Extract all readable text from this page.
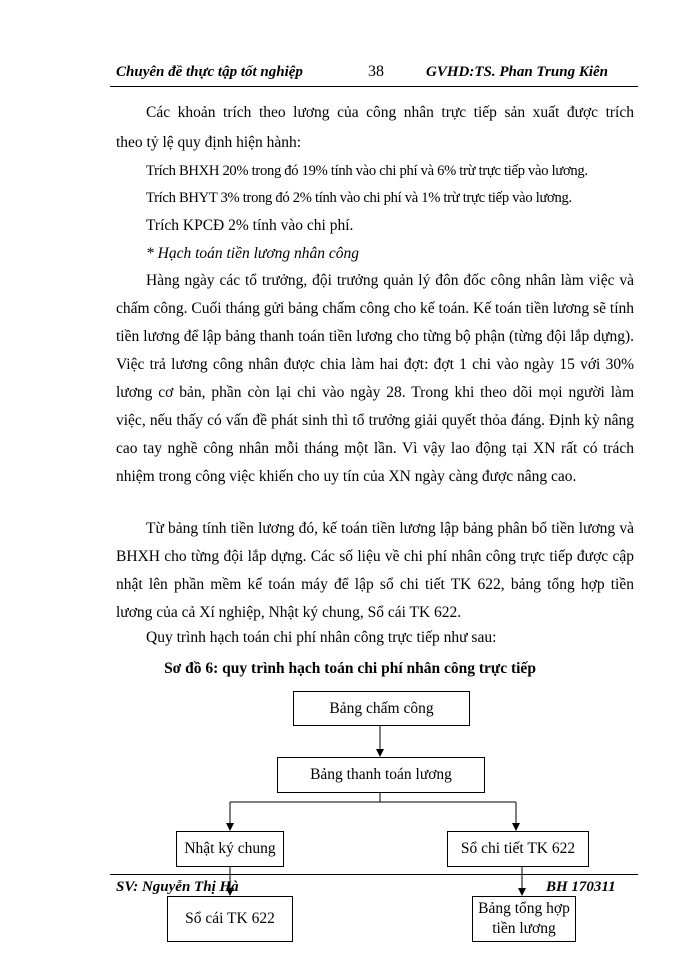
Chuyên đề thực tập tốt nghiệp	38	GVHD:TS. Phan Trung Kiên
Các khoản trích theo lương của công nhân trực tiếp sản xuất được trích
theo tỷ lệ quy định hiện hành:
Trích BHXH 20% trong đó 19% tính vào chi phí và 6% trừ trực tiếp vào lương.
Trích BHYT 3% trong đó 2% tính vào chi phí và 1% trừ trực tiếp vào lương.
Trích KPCĐ 2% tính vào chi phí.
* Hạch toán tiền lương nhân công
Hàng ngày các tổ trưởng, đội trưởng quản lý đôn đốc công nhân làm việc và chấm công. Cuối tháng gửi bảng chấm công cho kế toán. Kế toán tiền lương sẽ tính tiền lương để lập bảng thanh toán tiền lương cho từng bộ phận (từng đội lắp dựng). Việc trả lương công nhân được chia làm hai đợt: đợt 1 chi vào ngày 15 với 30% lương cơ bản, phần còn lại chi vào ngày 28. Trong khi theo dõi mọi người làm việc, nếu thấy có vấn đề phát sinh thì tổ trưởng giải quyết thỏa đáng. Định kỳ nâng cao tay nghề công nhân mỗi tháng một lần. Vì vậy lao động tại XN rất có trách nhiệm trong công việc khiến cho uy tín của XN ngày càng được nâng cao.
Từ bảng tính tiền lương đó, kế toán tiền lương lập bảng phân bổ tiền lương và BHXH cho từng đội lắp dựng. Các số liệu về chi phí nhân công trực tiếp được cập nhật lên phần mềm kế toán máy để lập sổ chi tiết TK 622, bảng tổng hợp tiền lương của cả Xí nghiệp, Nhật ký chung, Sổ cái TK 622.
Quy trình hạch toán chi phí nhân công trực tiếp như sau:
Sơ đồ 6: quy trình hạch toán chi phí nhân công trực tiếp
Bảng chấm công
Bảng thanh toán lương
Nhật ký chung	Sổ chi tiết TK 622
SV: Nguyễn Thị Hà	BH 170311
Sổ cái TK 622
Bảng tổng hợp tiền lương
